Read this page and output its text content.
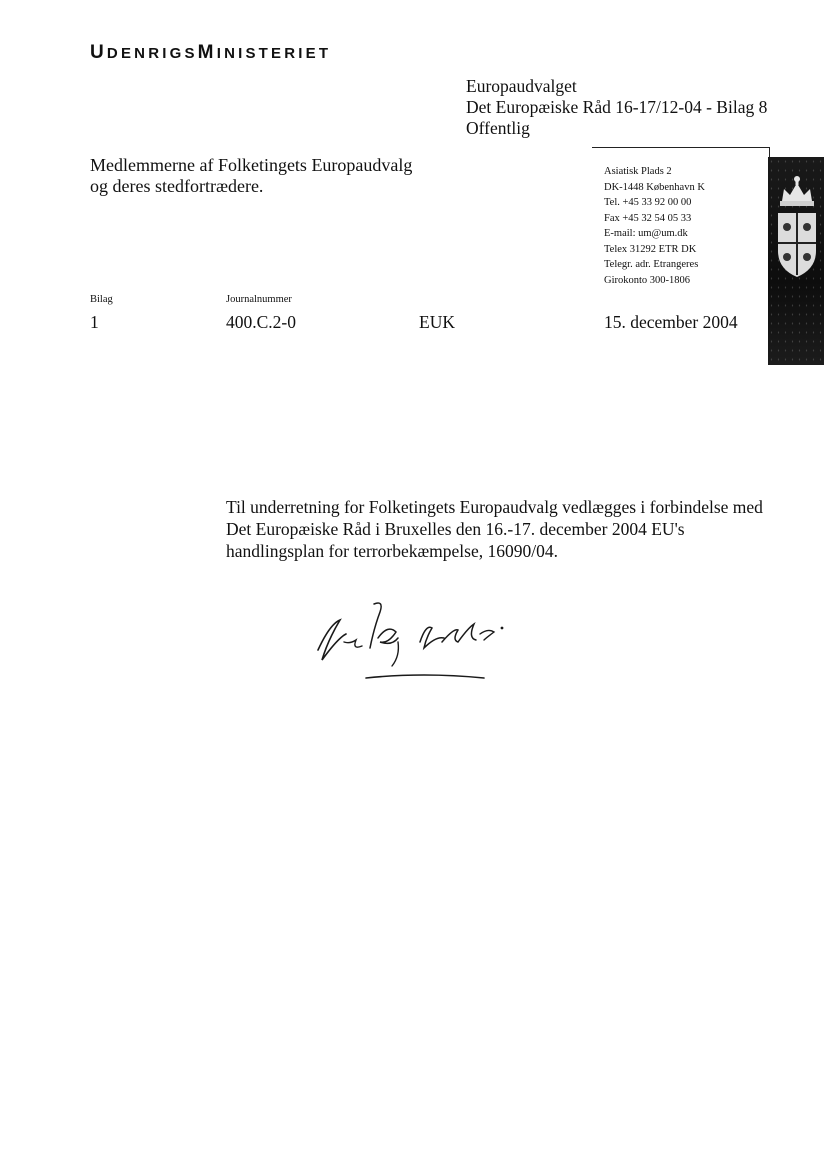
UDENRIGSMINISTERIET
Europaudvalget
Det Europæiske Råd 16-17/12-04 - Bilag 8
Offentlig
Medlemmerne af Folketingets Europaudvalg
og deres stedfortrædere.
Asiatisk Plads 2
DK-1448 København K
Tel. +45 33 92 00 00
Fax +45 32 54 05 33
E-mail: um@um.dk
Telex 31292 ETR DK
Telegr. adr. Etrangeres
Girokonto 300-1806
Bilag	Journalnummer
1	400.C.2-0	EUK	15. december 2004
Til underretning for Folketingets Europaudvalg vedlægges i forbindelse med Det Europæiske Råd i Bruxelles den 16.-17. december 2004 EU's handlingsplan for terrorbekæmpelse, 16090/04.
